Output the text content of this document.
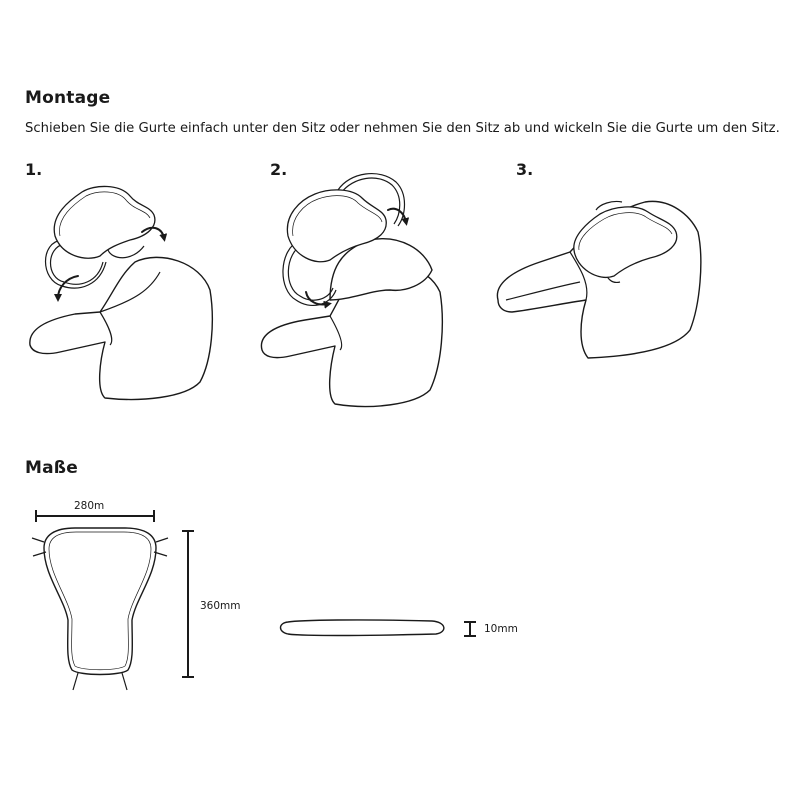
Montage
Schieben Sie die Gurte einfach unter den Sitz oder nehmen Sie den Sitz ab und wickeln Sie die Gurte um den Sitz.
1.	2.	3.
Maße
280m
360mm
10mm
